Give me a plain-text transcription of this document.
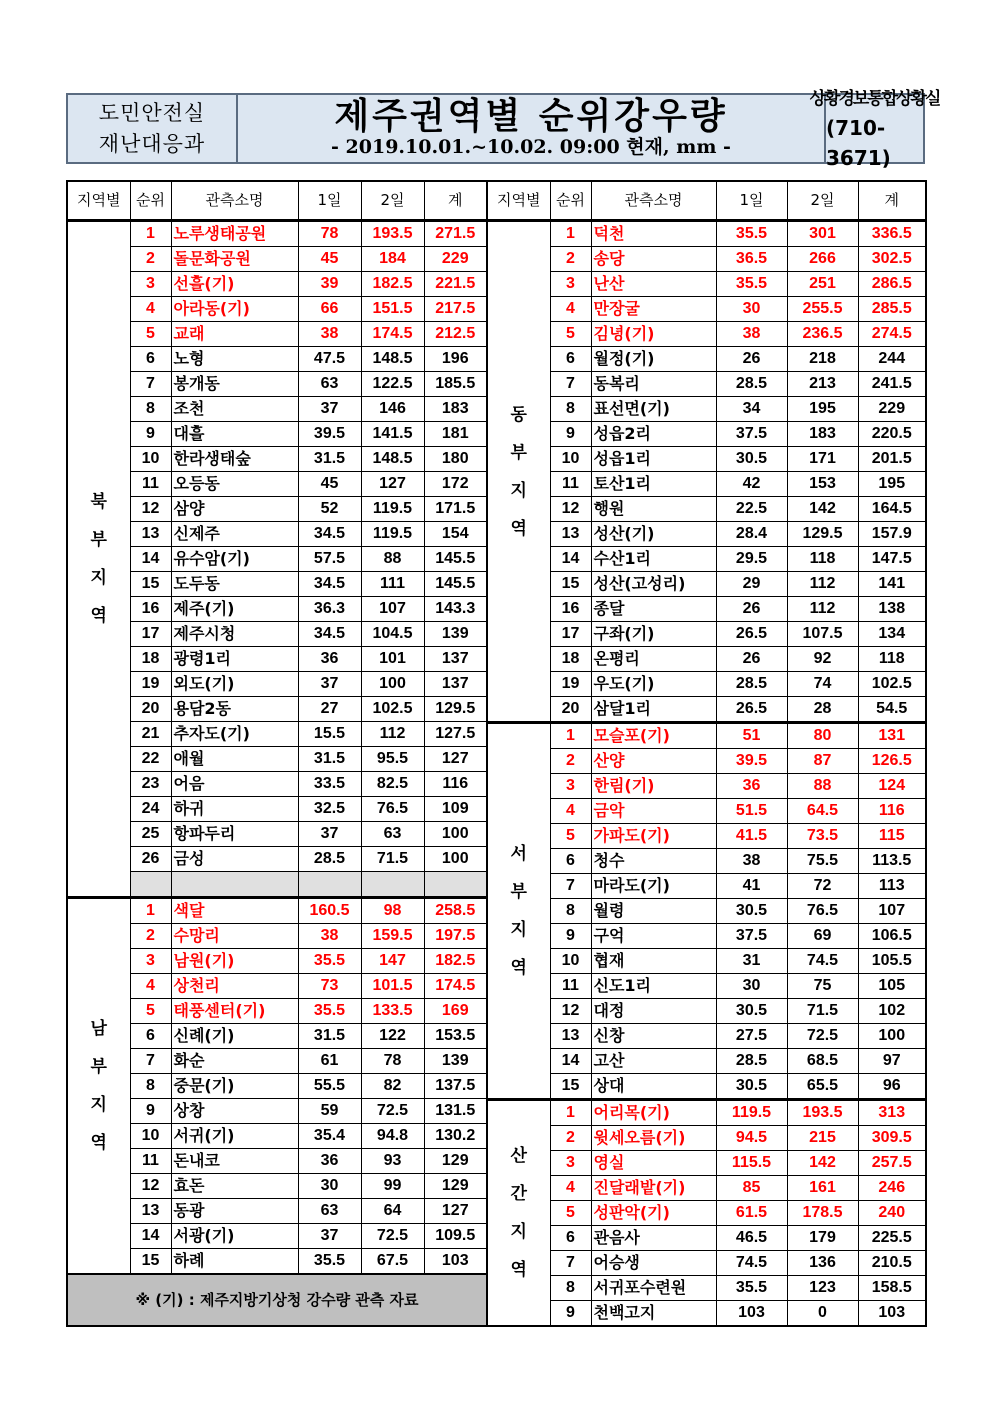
도민안전실
재난대응과
제주권역별 순위강우량
- 2019.10.01.~10.02. 09:00 현재, mm -
상황경보통합상황실
(710-3671)
지역별	순위	관측소명	1일	2일	계

북
부
지
역	1	노루생태공원	78	193.5	271.5
	2	돌문화공원	45	184	229
	3	선흘(기)	39	182.5	221.5
	4	아라동(기)	66	151.5	217.5
	5	교래	38	174.5	212.5
	6	노형	47.5	148.5	196
	7	봉개동	63	122.5	185.5
	8	조천	37	146	183
	9	대흘	39.5	141.5	181
	10	한라생태숲	31.5	148.5	180
	11	오등동	45	127	172
	12	삼양	52	119.5	171.5
	13	신제주	34.5	119.5	154
	14	유수암(기)	57.5	88	145.5
	15	도두동	34.5	111	145.5
	16	제주(기)	36.3	107	143.3
	17	제주시청	34.5	104.5	139
	18	광령1리	36	101	137
	19	외도(기)	37	100	137
	20	용담2동	27	102.5	129.5
	21	추자도(기)	15.5	112	127.5
	22	애월	31.5	95.5	127
	23	어음	33.5	82.5	116
	24	하귀	32.5	76.5	109
	25	항파두리	37	63	100
	26	금성	28.5	71.5	100

남
부
지
역	1	색달	160.5	98	258.5
	2	수망리	38	159.5	197.5
	3	남원(기)	35.5	147	182.5
	4	상천리	73	101.5	174.5
	5	태풍센터(기)	35.5	133.5	169
	6	신례(기)	31.5	122	153.5
	7	화순	61	78	139
	8	중문(기)	55.5	82	137.5
	9	상창	59	72.5	131.5
	10	서귀(기)	35.4	94.8	130.2
	11	돈내코	36	93	129
	12	효돈	30	99	129
	13	동광	63	64	127
	14	서광(기)	37	72.5	109.5
	15	하례	35.5	67.5	103
※ (기) : 제주지방기상청 강수량 관측 자료					
지역별	순위	관측소명	1일	2일	계

동
부
지
역	1	덕천	35.5	301	336.5
	2	송당	36.5	266	302.5
	3	난산	35.5	251	286.5
	4	만장굴	30	255.5	285.5
	5	김녕(기)	38	236.5	274.5
	6	월정(기)	26	218	244
	7	동복리	28.5	213	241.5
	8	표선면(기)	34	195	229
	9	성읍2리	37.5	183	220.5
	10	성읍1리	30.5	171	201.5
	11	토산1리	42	153	195
	12	행원	22.5	142	164.5
	13	성산(기)	28.4	129.5	157.9
	14	수산1리	29.5	118	147.5
	15	성산(고성리)	29	112	141
	16	종달	26	112	138
	17	구좌(기)	26.5	107.5	134
	18	온평리	26	92	118
	19	우도(기)	28.5	74	102.5
	20	삼달1리	26.5	28	54.5

서
부
지
역	1	모슬포(기)	51	80	131
	2	산양	39.5	87	126.5
	3	한림(기)	36	88	124
	4	금악	51.5	64.5	116
	5	가파도(기)	41.5	73.5	115
	6	청수	38	75.5	113.5
	7	마라도(기)	41	72	113
	8	월령	30.5	76.5	107
	9	구억	37.5	69	106.5
	10	협재	31	74.5	105.5
	11	신도1리	30	75	105
	12	대정	30.5	71.5	102
	13	신창	27.5	72.5	100
	14	고산	28.5	68.5	97
	15	상대	30.5	65.5	96

산
간
지
역	1	어리목(기)	119.5	193.5	313
	2	윗세오름(기)	94.5	215	309.5
	3	영실	115.5	142	257.5
	4	진달래밭(기)	85	161	246
	5	성판악(기)	61.5	178.5	240
	6	관음사	46.5	179	225.5
	7	어승생	74.5	136	210.5
	8	서귀포수련원	35.5	123	158.5
	9	천백고지	103	0	103
